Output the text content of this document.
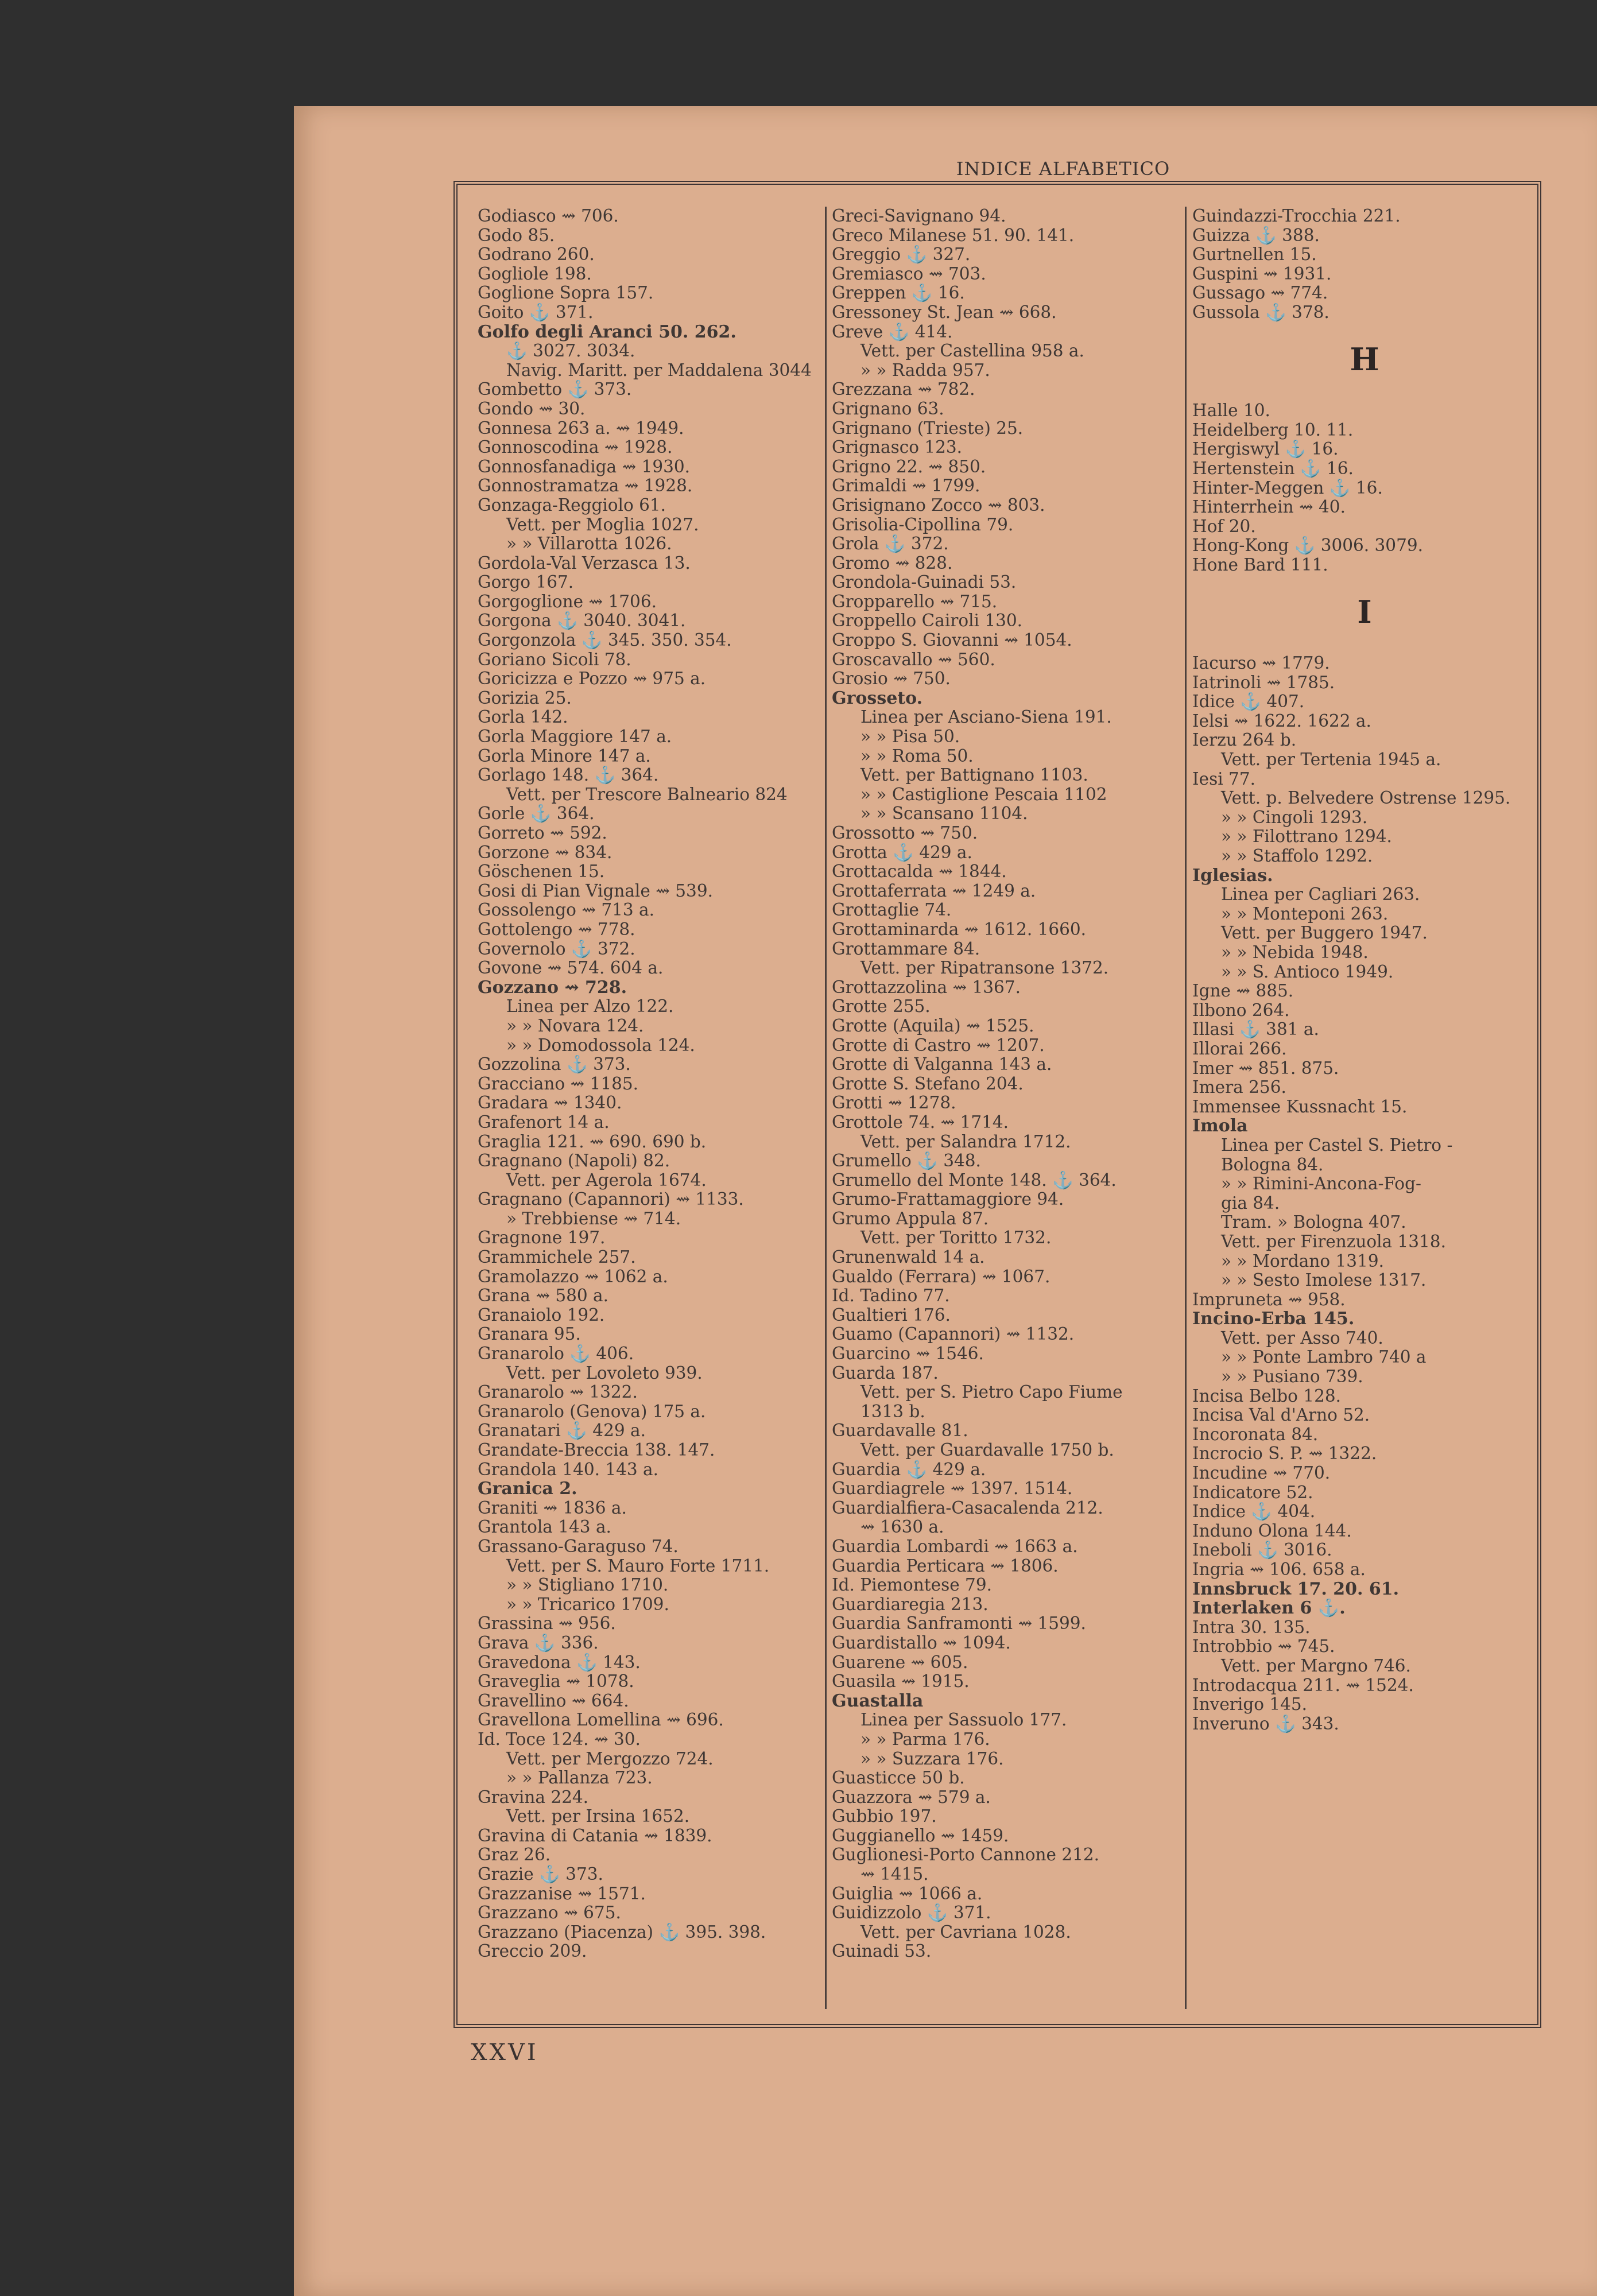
INDICE ALFABETICO
Godiasco ⇝ 706.
Godo 85.
Godrano 260.
Gogliole 198.
Goglione Sopra 157.
Goito ⚓ 371.
Golfo degli Aranci 50. 262.
⚓ 3027. 3034.
Navig. Maritt. per Maddalena 3044
Gombetto ⚓ 373.
Gondo ⇝ 30.
Gonnesa 263 a. ⇝ 1949.
Gonnoscodina ⇝ 1928.
Gonnosfanadiga ⇝ 1930.
Gonnostramatza ⇝ 1928.
Gonzaga-Reggiolo 61.
Vett. per Moglia 1027.
» » Villarotta 1026.
Gordola-Val Verzasca 13.
Gorgo 167.
Gorgoglione ⇝ 1706.
Gorgona ⚓ 3040. 3041.
Gorgonzola ⚓ 345. 350. 354.
Goriano Sicoli 78.
Goricizza e Pozzo ⇝ 975 a.
Gorizia 25.
Gorla 142.
Gorla Maggiore 147 a.
Gorla Minore 147 a.
Gorlago 148. ⚓ 364.
Vett. per Trescore Balneario 824
Gorle ⚓ 364.
Gorreto ⇝ 592.
Gorzone ⇝ 834.
Göschenen 15.
Gosi di Pian Vignale ⇝ 539.
Gossolengo ⇝ 713 a.
Gottolengo ⇝ 778.
Governolo ⚓ 372.
Govone ⇝ 574. 604 a.
Gozzano ⇝ 728.
Linea per Alzo 122.
» » Novara 124.
» » Domodossola 124.
Gozzolina ⚓ 373.
Gracciano ⇝ 1185.
Gradara ⇝ 1340.
Grafenort 14 a.
Graglia 121. ⇝ 690. 690 b.
Gragnano (Napoli) 82.
Vett. per Agerola 1674.
Gragnano (Capannori) ⇝ 1133.
» Trebbiense ⇝ 714.
Gragnone 197.
Grammichele 257.
Gramolazzo ⇝ 1062 a.
Grana ⇝ 580 a.
Granaiolo 192.
Granara 95.
Granarolo ⚓ 406.
Vett. per Lovoleto 939.
Granarolo ⇝ 1322.
Granarolo (Genova) 175 a.
Granatari ⚓ 429 a.
Grandate-Breccia 138. 147.
Grandola 140. 143 a.
Granica 2.
Graniti ⇝ 1836 a.
Grantola 143 a.
Grassano-Garaguso 74.
Vett. per S. Mauro Forte 1711.
» » Stigliano 1710.
» » Tricarico 1709.
Grassina ⇝ 956.
Grava ⚓ 336.
Gravedona ⚓ 143.
Graveglia ⇝ 1078.
Gravellino ⇝ 664.
Gravellona Lomellina ⇝ 696.
Id. Toce 124. ⇝ 30.
Vett. per Mergozzo 724.
» » Pallanza 723.
Gravina 224.
Vett. per Irsina 1652.
Gravina di Catania ⇝ 1839.
Graz 26.
Grazie ⚓ 373.
Grazzanise ⇝ 1571.
Grazzano ⇝ 675.
Grazzano (Piacenza) ⚓ 395. 398.
Greccio 209.
Greci-Savignano 94.
Greco Milanese 51. 90. 141.
Greggio ⚓ 327.
Gremiasco ⇝ 703.
Greppen ⚓ 16.
Gressoney St. Jean ⇝ 668.
Greve ⚓ 414.
Vett. per Castellina 958 a.
» » Radda 957.
Grezzana ⇝ 782.
Grignano 63.
Grignano (Trieste) 25.
Grignasco 123.
Grigno 22. ⇝ 850.
Grimaldi ⇝ 1799.
Grisignano Zocco ⇝ 803.
Grisolia-Cipollina 79.
Grola ⚓ 372.
Gromo ⇝ 828.
Grondola-Guinadi 53.
Gropparello ⇝ 715.
Groppello Cairoli 130.
Groppo S. Giovanni ⇝ 1054.
Groscavallo ⇝ 560.
Grosio ⇝ 750.
Grosseto.
Linea per Asciano-Siena 191.
» » Pisa 50.
» » Roma 50.
Vett. per Battignano 1103.
» » Castiglione Pescaia 1102
» » Scansano 1104.
Grossotto ⇝ 750.
Grotta ⚓ 429 a.
Grottacalda ⇝ 1844.
Grottaferrata ⇝ 1249 a.
Grottaglie 74.
Grottaminarda ⇝ 1612. 1660.
Grottammare 84.
Vett. per Ripatransone 1372.
Grottazzolina ⇝ 1367.
Grotte 255.
Grotte (Aquila) ⇝ 1525.
Grotte di Castro ⇝ 1207.
Grotte di Valganna 143 a.
Grotte S. Stefano 204.
Grotti ⇝ 1278.
Grottole 74. ⇝ 1714.
Vett. per Salandra 1712.
Grumello ⚓ 348.
Grumello del Monte 148. ⚓ 364.
Grumo-Frattamaggiore 94.
Grumo Appula 87.
Vett. per Toritto 1732.
Grunenwald 14 a.
Gualdo (Ferrara) ⇝ 1067.
Id. Tadino 77.
Gualtieri 176.
Guamo (Capannori) ⇝ 1132.
Guarcino ⇝ 1546.
Guarda 187.
Vett. per S. Pietro Capo Fiume
1313 b.
Guardavalle 81.
Vett. per Guardavalle 1750 b.
Guardia ⚓ 429 a.
Guardiagrele ⇝ 1397. 1514.
Guardialfiera-Casacalenda 212.
⇝ 1630 a.
Guardia Lombardi ⇝ 1663 a.
Guardia Perticara ⇝ 1806.
Id. Piemontese 79.
Guardiaregia 213.
Guardia Sanframonti ⇝ 1599.
Guardistallo ⇝ 1094.
Guarene ⇝ 605.
Guasila ⇝ 1915.
Guastalla
Linea per Sassuolo 177.
» » Parma 176.
» » Suzzara 176.
Guasticce 50 b.
Guazzora ⇝ 579 a.
Gubbio 197.
Guggianello ⇝ 1459.
Guglionesi-Porto Cannone 212.
⇝ 1415.
Guiglia ⇝ 1066 a.
Guidizzolo ⚓ 371.
Vett. per Cavriana 1028.
Guinadi 53.
Guindazzi-Trocchia 221.
Guizza ⚓ 388.
Gurtnellen 15.
Guspini ⇝ 1931.
Gussago ⇝ 774.
Gussola ⚓ 378.
H
Halle 10.
Heidelberg 10. 11.
Hergiswyl ⚓ 16.
Hertenstein ⚓ 16.
Hinter-Meggen ⚓ 16.
Hinterrhein ⇝ 40.
Hof 20.
Hong-Kong ⚓ 3006. 3079.
Hone Bard 111.
I
Iacurso ⇝ 1779.
Iatrinoli ⇝ 1785.
Idice ⚓ 407.
Ielsi ⇝ 1622. 1622 a.
Ierzu 264 b.
Vett. per Tertenia 1945 a.
Iesi 77.
Vett. p. Belvedere Ostrense 1295.
» » Cingoli 1293.
» » Filottrano 1294.
» » Staffolo 1292.
Iglesias.
Linea per Cagliari 263.
» » Monteponi 263.
Vett. per Buggero 1947.
» » Nebida 1948.
» » S. Antioco 1949.
Igne ⇝ 885.
Ilbono 264.
Illasi ⚓ 381 a.
Illorai 266.
Imer ⇝ 851. 875.
Imera 256.
Immensee Kussnacht 15.
Imola
Linea per Castel S. Pietro -
Bologna 84.
» » Rimini-Ancona-Fog-
gia 84.
Tram. » Bologna 407.
Vett. per Firenzuola 1318.
» » Mordano 1319.
» » Sesto Imolese 1317.
Impruneta ⇝ 958.
Incino-Erba 145.
Vett. per Asso 740.
» » Ponte Lambro 740 a
» » Pusiano 739.
Incisa Belbo 128.
Incisa Val d'Arno 52.
Incoronata 84.
Incrocio S. P. ⇝ 1322.
Incudine ⇝ 770.
Indicatore 52.
Indice ⚓ 404.
Induno Olona 144.
Ineboli ⚓ 3016.
Ingria ⇝ 106. 658 a.
Innsbruck 17. 20. 61.
Interlaken 6 ⚓.
Intra 30. 135.
Introbbio ⇝ 745.
Vett. per Margno 746.
Introdacqua 211. ⇝ 1524.
Inverigo 145.
Inveruno ⚓ 343.
XXVI
